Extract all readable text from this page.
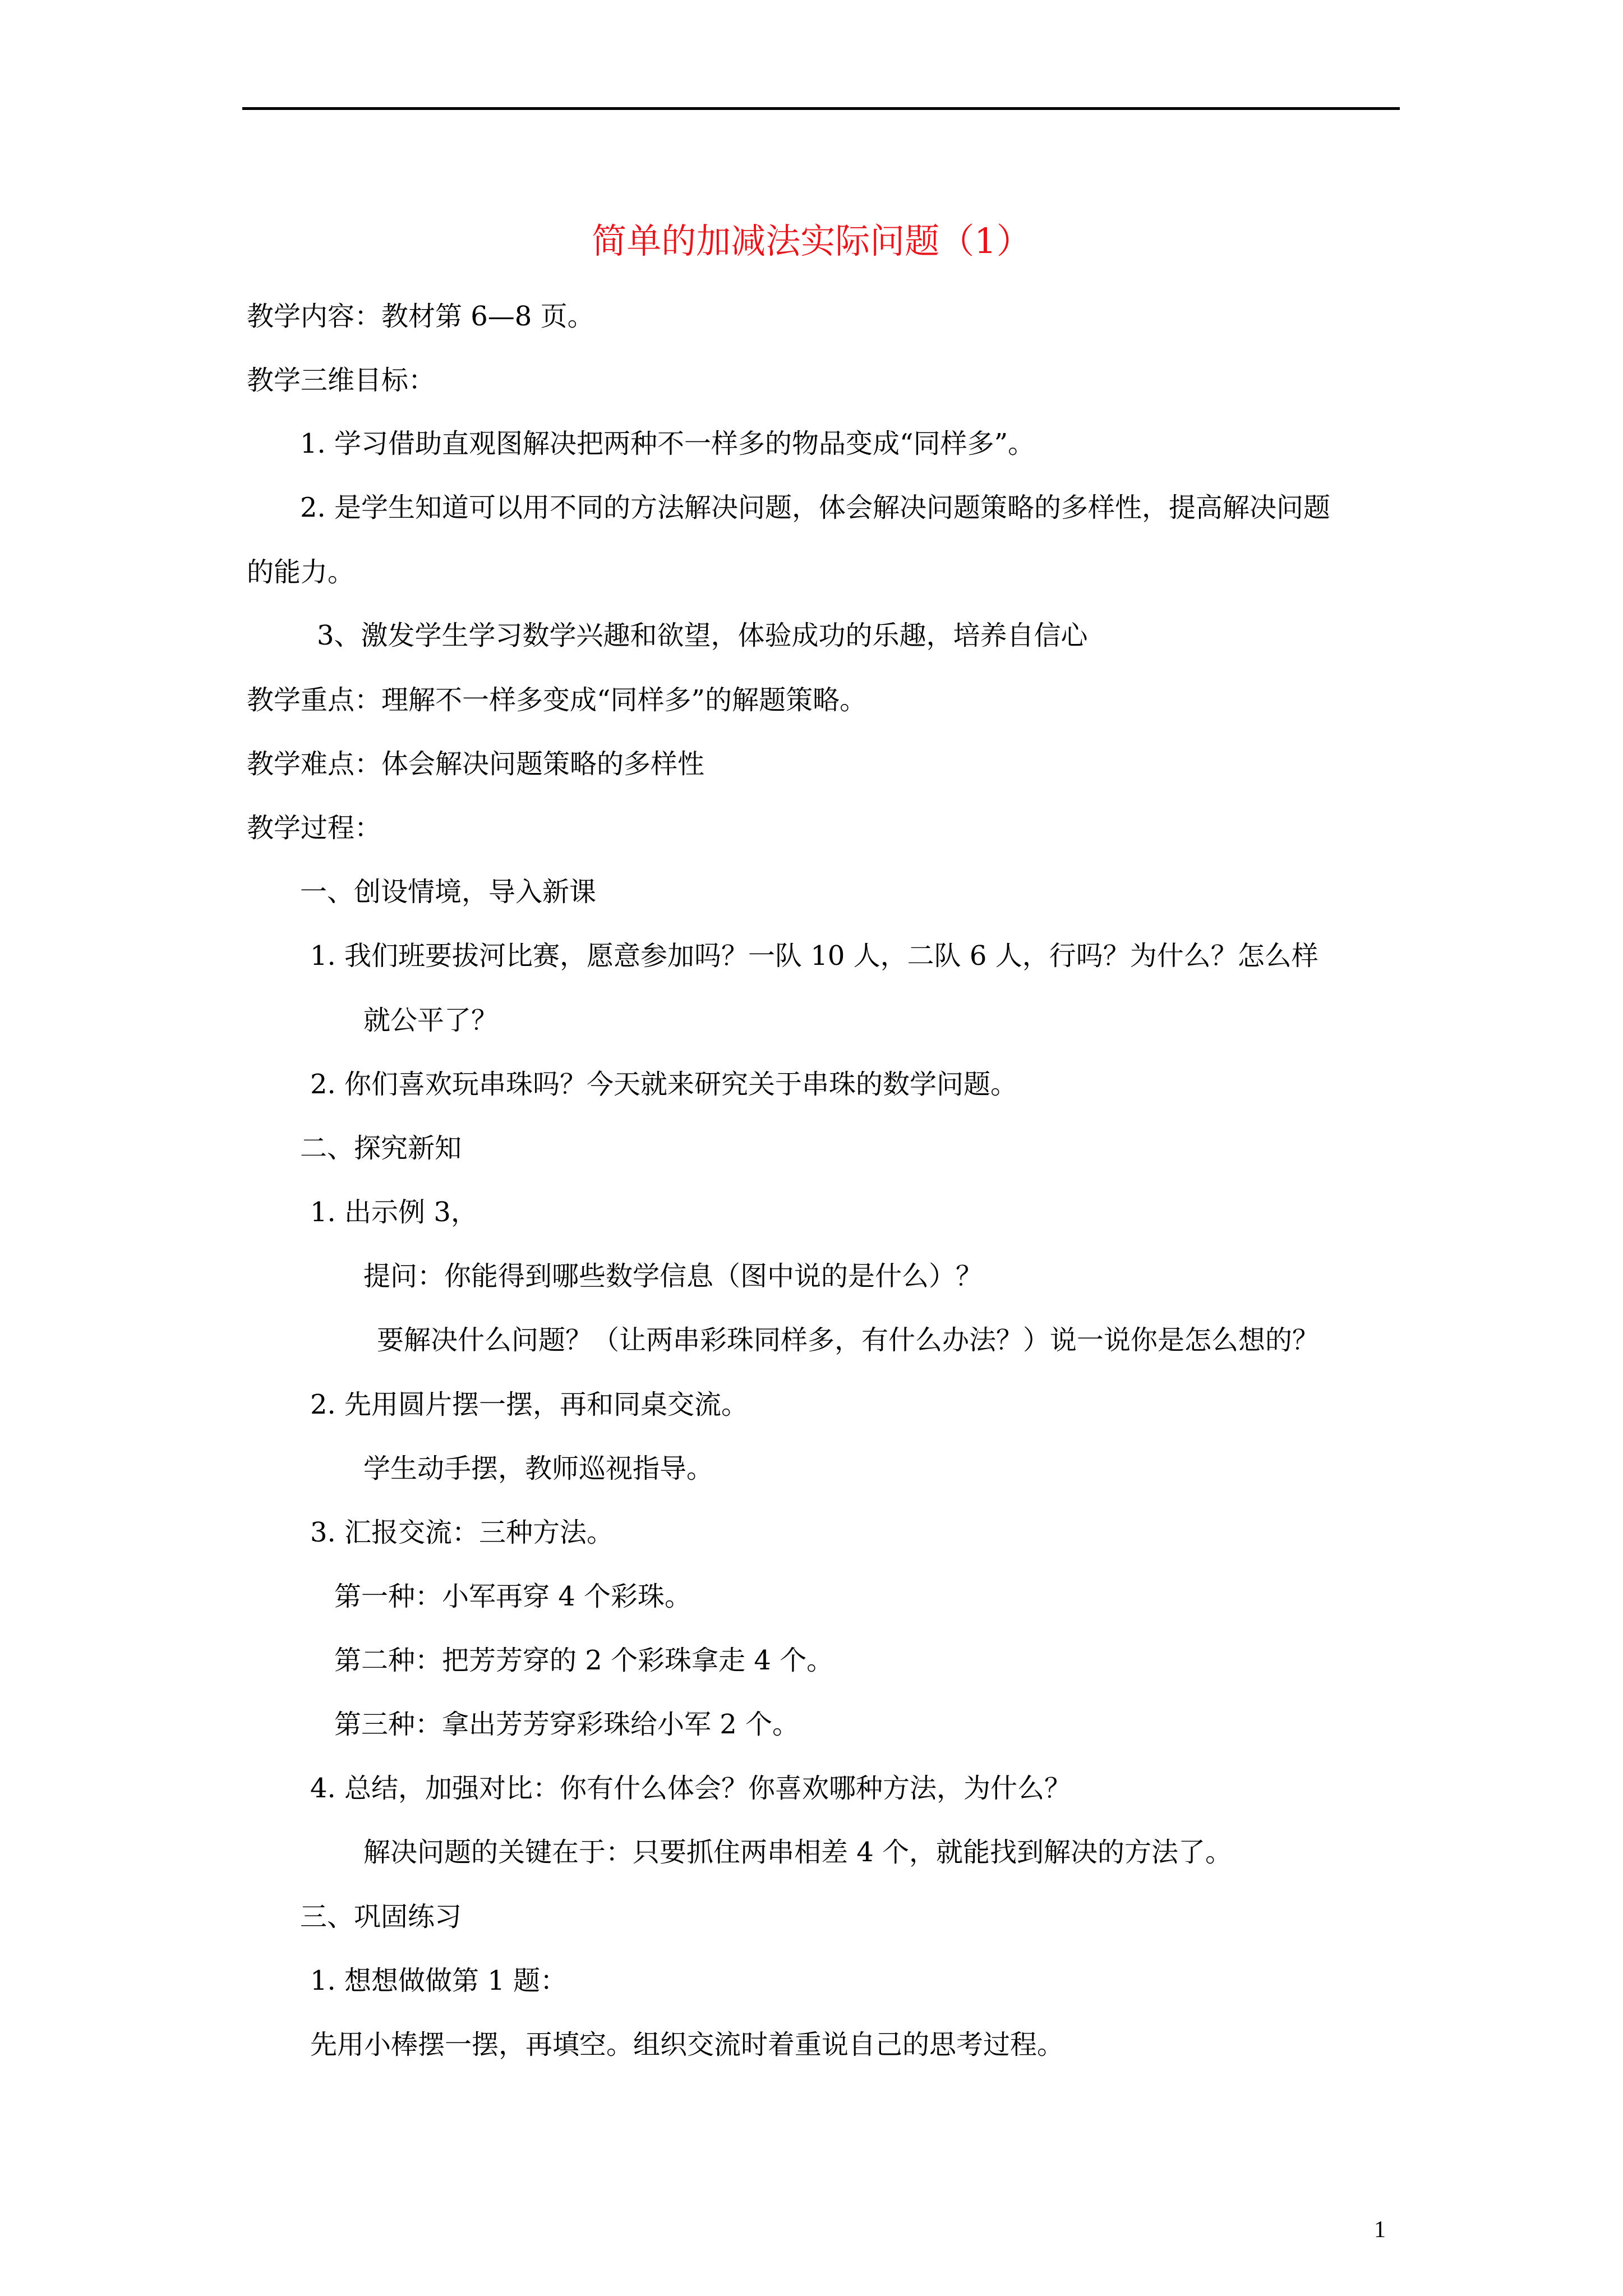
简单的加减法实际问题（1）
教学内容：教材第 6—8 页。
教学三维目标：
1. 学习借助直观图解决把两种不一样多的物品变成“同样多”。
2. 是学生知道可以用不同的方法解决问题，体会解决问题策略的多样性，提高解决问题
的能力。
3、激发学生学习数学兴趣和欲望，体验成功的乐趣，培养自信心
教学重点：理解不一样多变成“同样多”的解题策略。
教学难点：体会解决问题策略的多样性
教学过程：
一、创设情境，导入新课
1. 我们班要拔河比赛，愿意参加吗？一队 10 人，二队 6 人，行吗？为什么？怎么样
就公平了？
2. 你们喜欢玩串珠吗？今天就来研究关于串珠的数学问题。
二、探究新知
1. 出示例 3，
提问：你能得到哪些数学信息（图中说的是什么）？
要解决什么问题？（让两串彩珠同样多，有什么办法？）说一说你是怎么想的？
2. 先用圆片摆一摆，再和同桌交流。
学生动手摆，教师巡视指导。
3. 汇报交流：三种方法。
第一种：小军再穿 4 个彩珠。
第二种：把芳芳穿的 2 个彩珠拿走 4 个。
第三种：拿出芳芳穿彩珠给小军 2 个。
4. 总结，加强对比：你有什么体会？你喜欢哪种方法，为什么？
解决问题的关键在于：只要抓住两串相差 4 个，就能找到解决的方法了。
三、巩固练习
1. 想想做做第 1 题：
先用小棒摆一摆，再填空。组织交流时着重说自己的思考过程。
1
